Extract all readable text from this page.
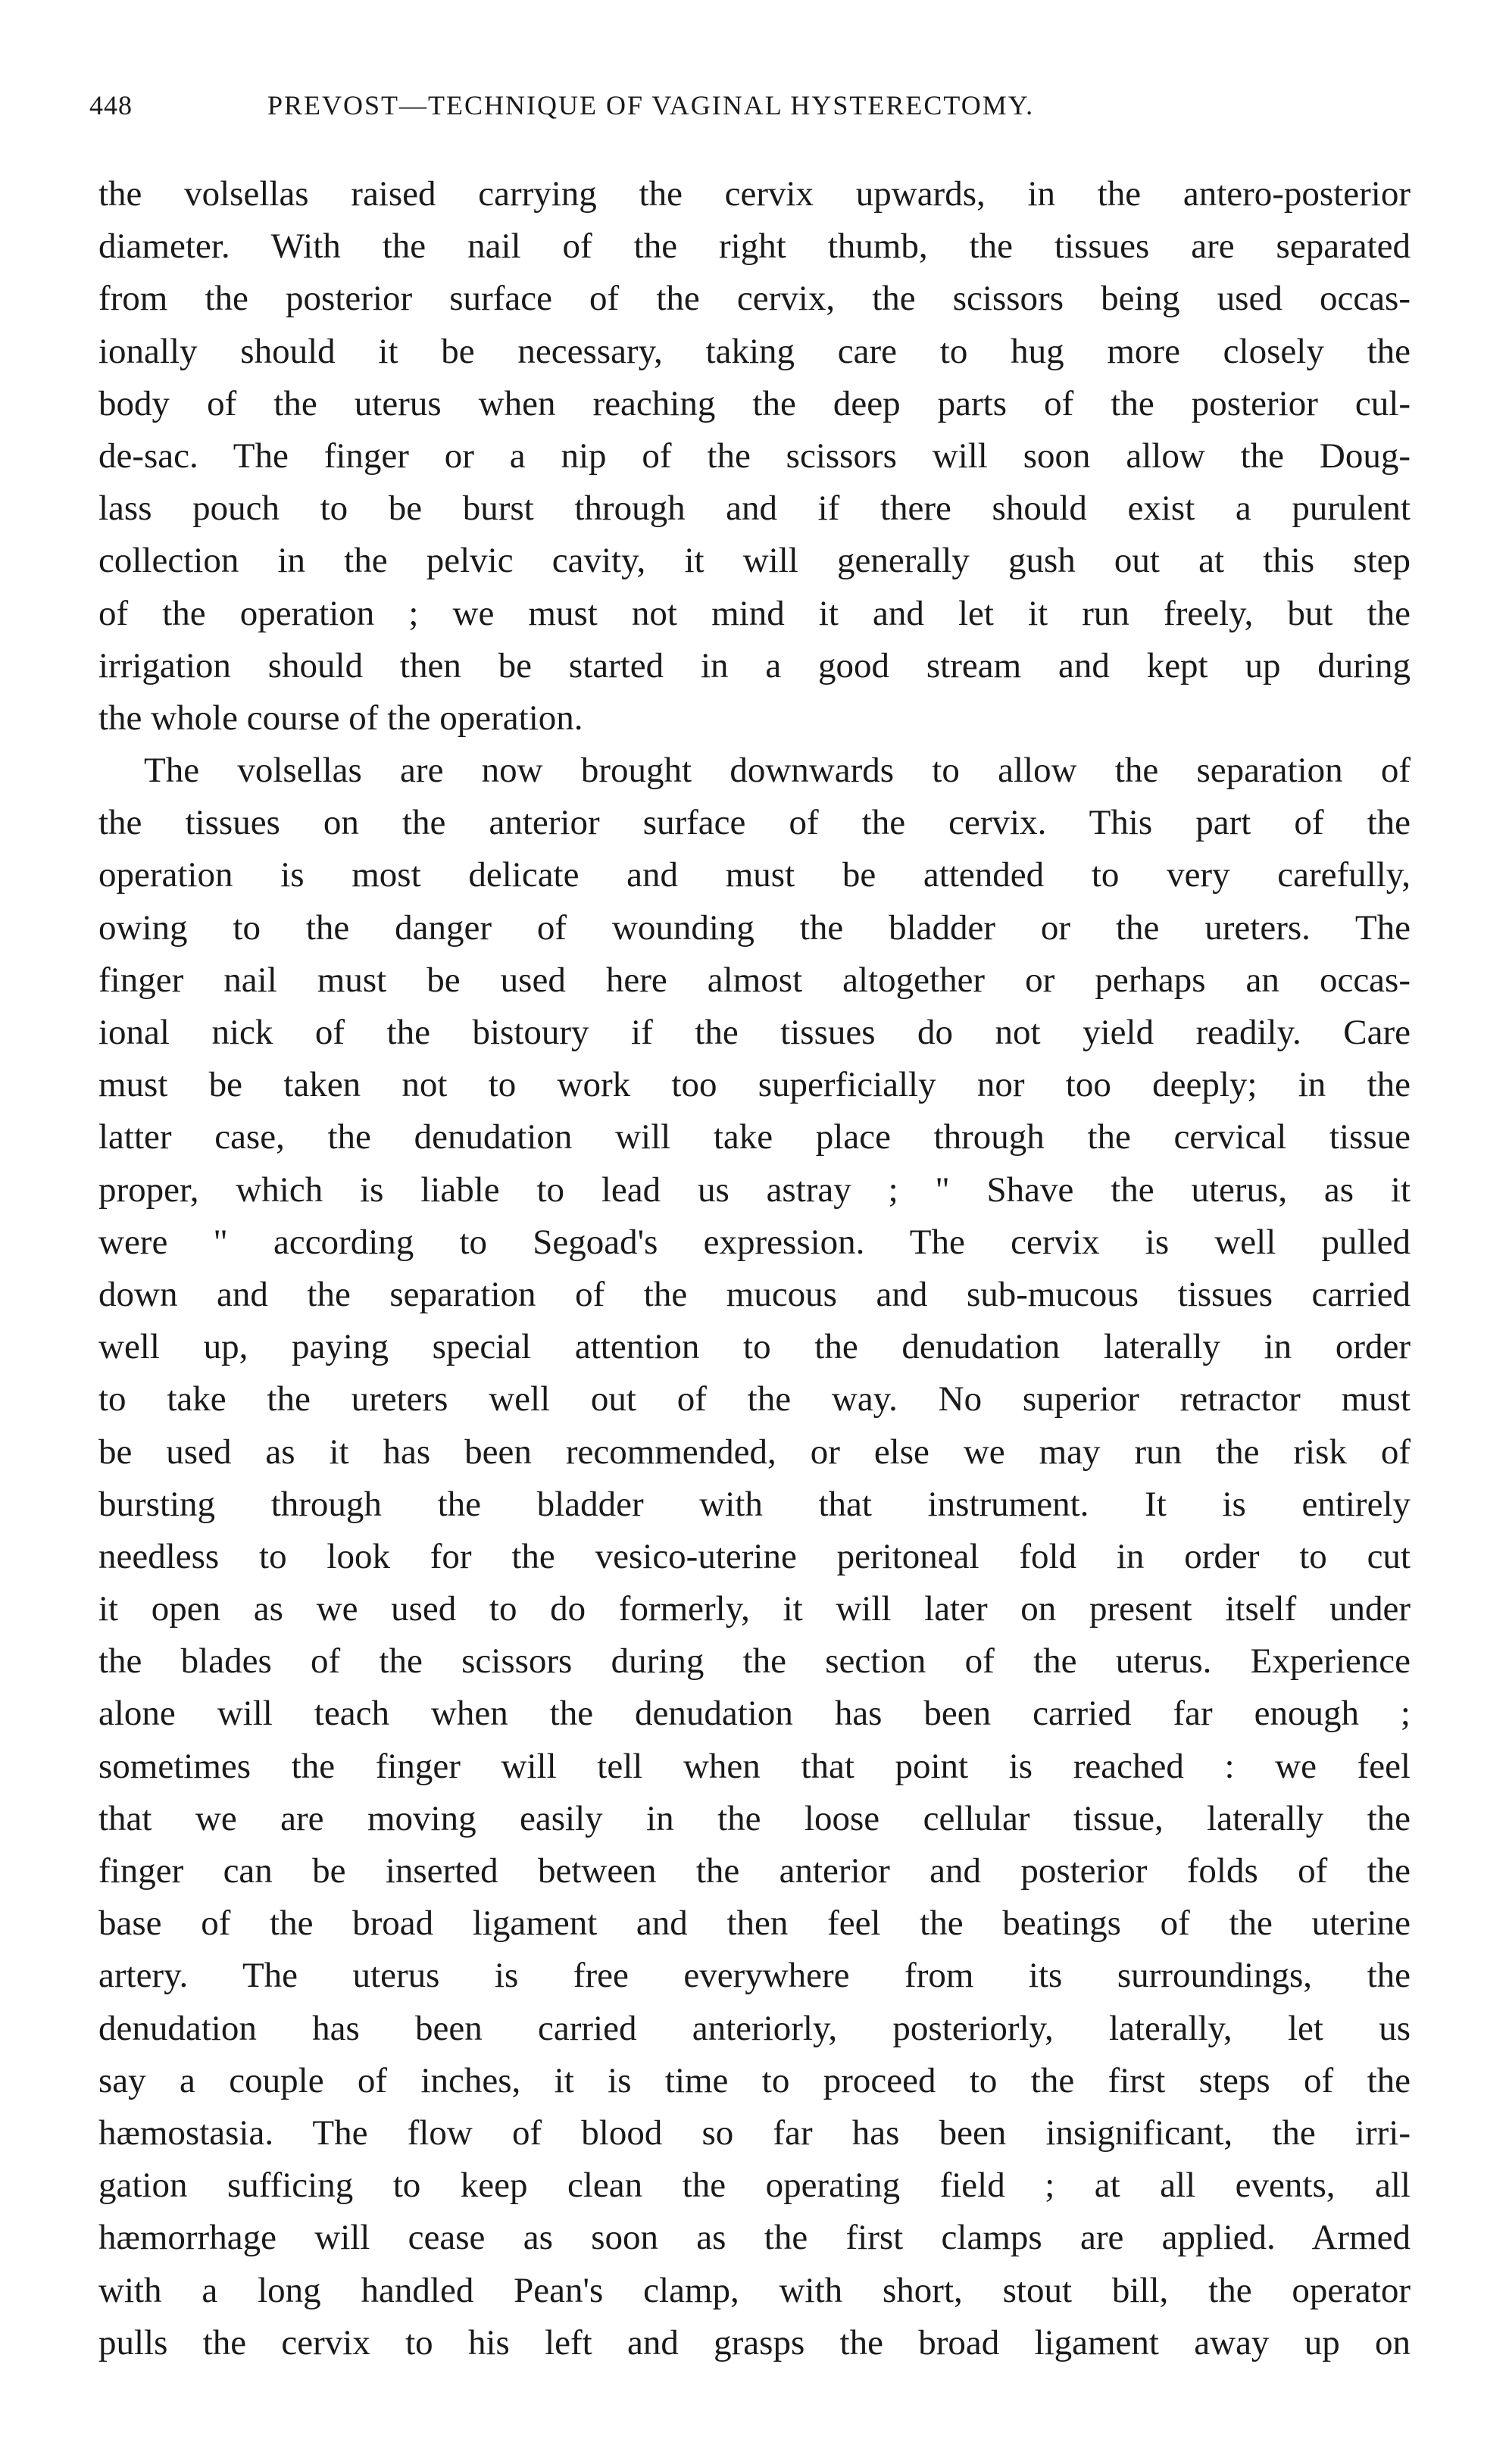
448	PREVOST—TECHNIQUE OF VAGINAL HYSTERECTOMY.
the volsellas raised carrying the cervix upwards, in the antero-posterior
diameter. With the nail of the right thumb, the tissues are separated
from the posterior surface of the cervix, the scissors being used occas-
ionally should it be necessary, taking care to hug more closely the
body of the uterus when reaching the deep parts of the posterior cul-
de-sac. The finger or a nip of the scissors will soon allow the Doug-
lass pouch to be burst through and if there should exist a purulent
collection in the pelvic cavity, it will generally gush out at this step
of the operation ; we must not mind it and let it run freely, but the
irrigation should then be started in a good stream and kept up during
the whole course of the operation.
The volsellas are now brought downwards to allow the separation of
the tissues on the anterior surface of the cervix. This part of the
operation is most delicate and must be attended to very carefully,
owing to the danger of wounding the bladder or the ureters. The
finger nail must be used here almost altogether or perhaps an occas-
ional nick of the bistoury if the tissues do not yield readily. Care
must be taken not to work too superficially nor too deeply; in the
latter case, the denudation will take place through the cervical tissue
proper, which is liable to lead us astray ; " Shave the uterus, as it
were " according to Segoad's expression. The cervix is well pulled
down and the separation of the mucous and sub-mucous tissues carried
well up, paying special attention to the denudation laterally in order
to take the ureters well out of the way. No superior retractor must
be used as it has been recommended, or else we may run the risk of
bursting through the bladder with that instrument. It is entirely
needless to look for the vesico-uterine peritoneal fold in order to cut
it open as we used to do formerly, it will later on present itself under
the blades of the scissors during the section of the uterus. Experience
alone will teach when the denudation has been carried far enough ;
sometimes the finger will tell when that point is reached : we feel
that we are moving easily in the loose cellular tissue, laterally the
finger can be inserted between the anterior and posterior folds of the
base of the broad ligament and then feel the beatings of the uterine
artery. The uterus is free everywhere from its surroundings, the
denudation has been carried anteriorly, posteriorly, laterally, let us
say a couple of inches, it is time to proceed to the first steps of the
hæmostasia. The flow of blood so far has been insignificant, the irri-
gation sufficing to keep clean the operating field ; at all events, all
hæmorrhage will cease as soon as the first clamps are applied. Armed
with a long handled Pean's clamp, with short, stout bill, the operator
pulls the cervix to his left and grasps the broad ligament away up on
